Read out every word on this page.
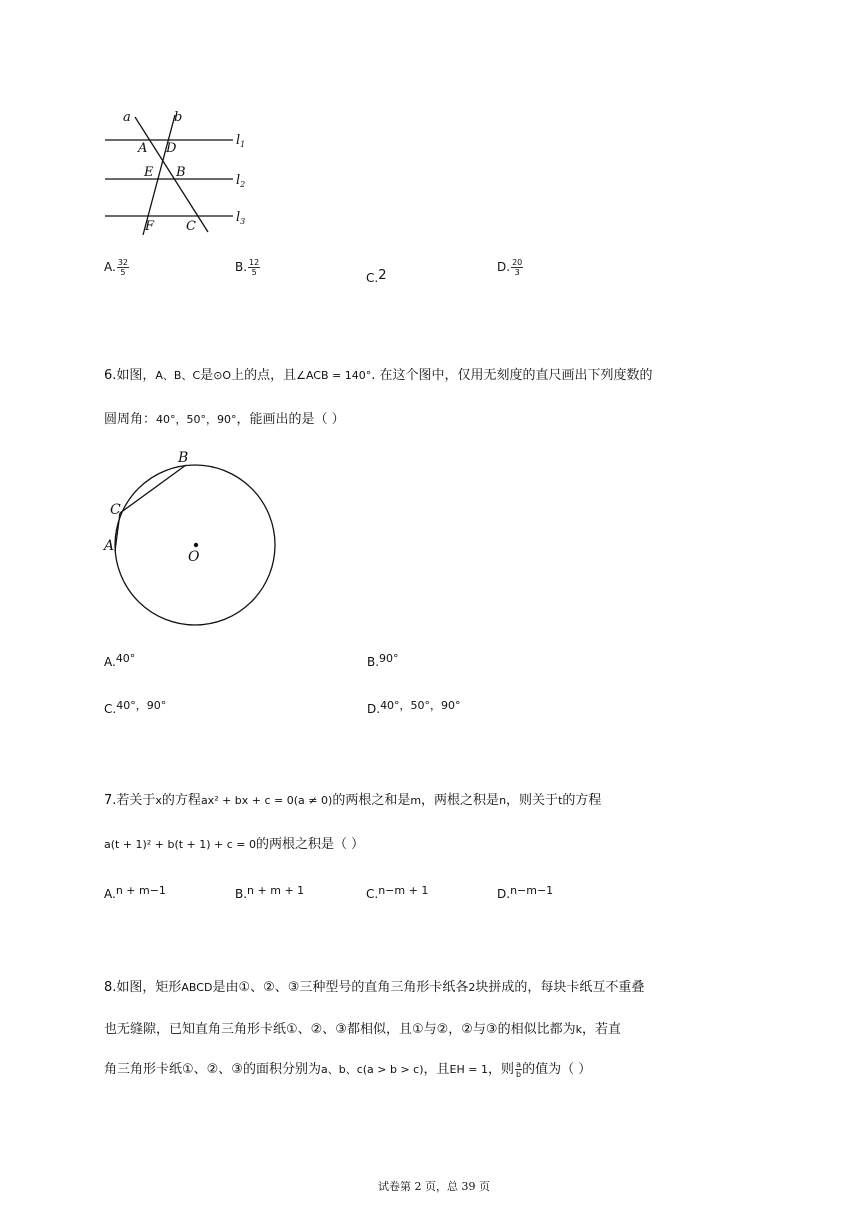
a	b
A D
E B
F C
$l_1$
$l_2$
$l_3$
A. $\frac{32}{5}$	B. $\frac{12}{5}$
C.2
D. $\frac{20}{3}$
6.如图，A、B、C是⊙O上的点，且∠ACB = 140°. 在这个图中，仅用无刻度的直尺画出下列度数的
圆周角：40°，50°，90°，能画出的是（ ）
B
C
A
O
A.40°	B.90°
C.40°，90°	D.40°，50°，90°
7.若关于x的方程ax² + bx + c = 0(a ≠ 0)的两根之和是m，两根之积是n，则关于t的方程
a(t + 1)² + b(t + 1) + c = 0的两根之积是（ ）
A.n + m−1	B.n + m + 1	C.n−m + 1	D.n−m−1
8.如图，矩形ABCD是由①、②、③三种型号的直角三角形卡纸各2块拼成的，每块卡纸互不重叠
也无缝隙，已知直角三角形卡纸①、②、③都相似，且①与②，②与③的相似比都为k，若直
角三角形卡纸①、②、③的面积分别为a、b、c(a > b > c)，且EH = 1，则 $\frac{a}{b}$ 的值为（ ）
试卷第 2 页，总 39 页
